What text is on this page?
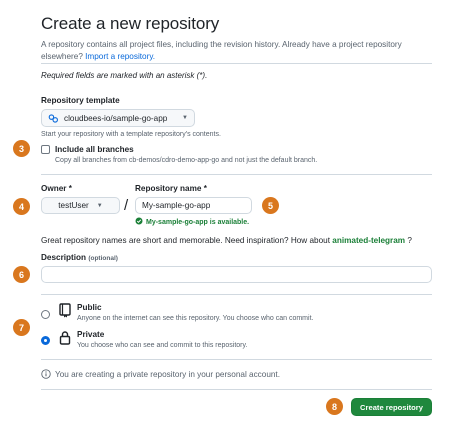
Create a new repository
A repository contains all project files, including the revision history. Already have a project repository elsewhere? Import a repository.
Required fields are marked with an asterisk (*).
Repository template
cloudbees-io/sample-go-app ▼
Start your repository with a template repository's contents.
3	Include all branches
Copy all branches from cb-demos/cdro-demo-app-go and not just the default branch.
Owner *	Repository name *
4	testUser ▼ /	My-sample-go-app	5
My-sample-go-app is available.
Great repository names are short and memorable. Need inspiration? How about animated-telegram ?
6
Description (optional)
7
Public
Anyone on the internet can see this repository. You choose who can commit.
Private
You choose who can see and commit to this repository.
You are creating a private repository in your personal account.
8	Create repository
